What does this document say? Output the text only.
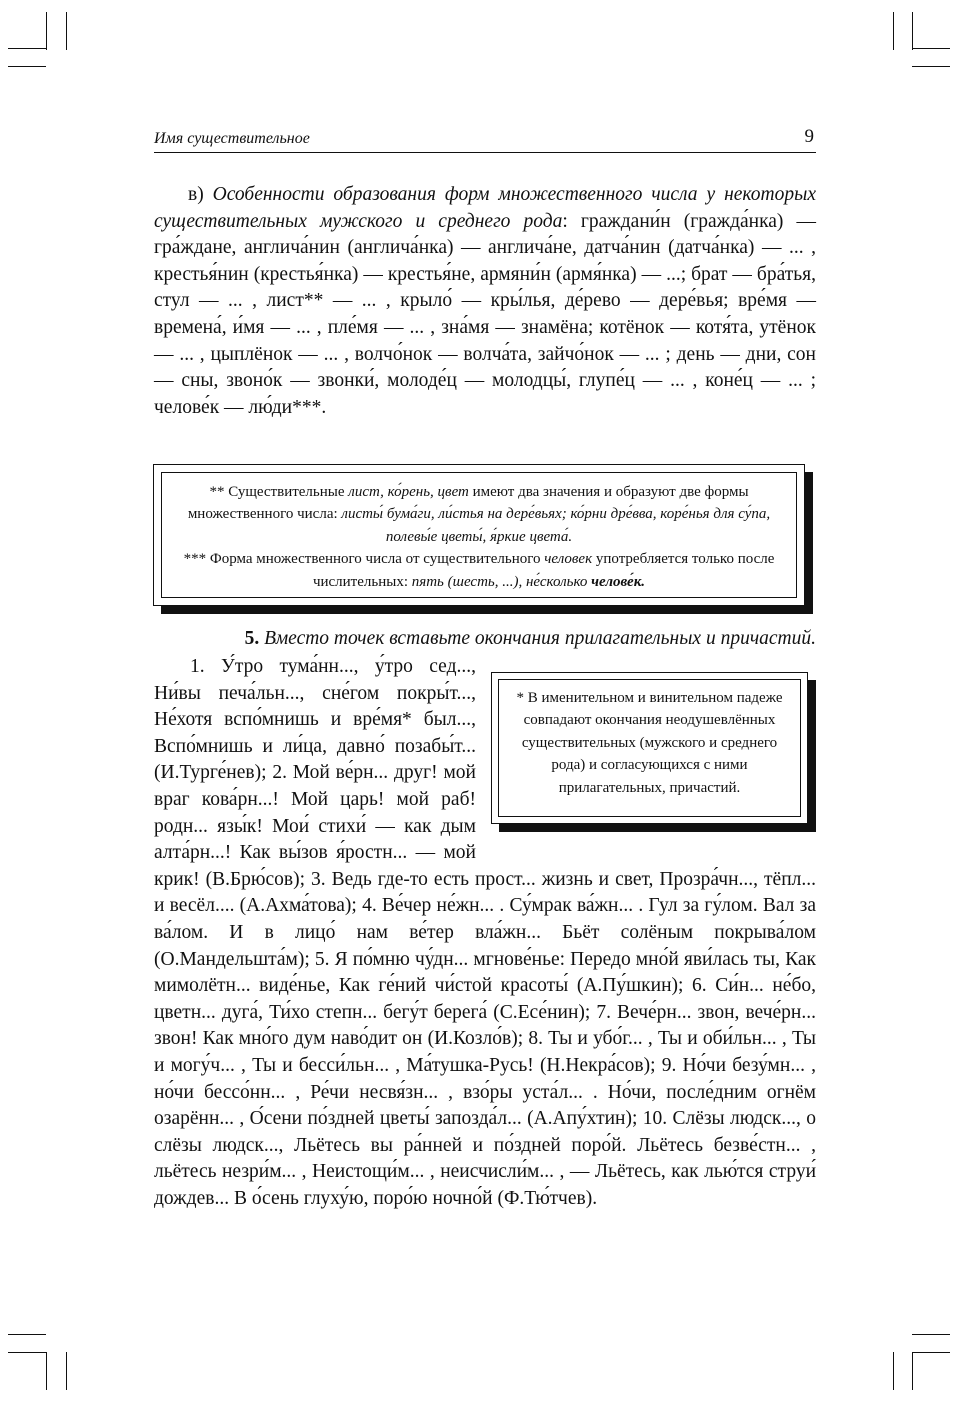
Имя существительное	9
в) Особенности образования форм множественного числа у некоторых существительных мужского и среднего рода: граждани́н (гражда́нка) — гра́ждане, англича́нин (англича́нка) — англича́не, датча́нин (датча́нка) — ... , крестья́нин (крестья́нка) — крестья́не, армяни́н (армя́нка) — ...; брат — бра́тья, стул — ... , лист** — ... , крыло́ — кры́лья, де́рево — дере́вья; вре́мя — времена́, и́мя — ... , пле́мя — ... , зна́мя — знамёна; котёнок — котя́та, утёнок — ... , цыплёнок — ... , волчо́нок — волча́та, зайчо́нок — ... ; день — дни, сон — сны, звоно́к — звонки́, молоде́ц — молодцы́, глупе́ц — ... , коне́ц — ... ; челове́к — лю́ди***.
** Существительные лист, ко́рень, цвет имеют два значения и образуют две формы множественного числа: листы́ бума́ги, ли́стья на дере́вьях; ко́рни дре́вва, коре́нья для су́па, полевы́е цветы́, я́ркие цвета́.
*** Форма множественного числа от существительного человек употребляется только после числительных: пять (шесть, ...), не́сколько челове́к.
5. Вместо точек вставьте окончания прилагательных и причастий.
1. У́тро тума́нн..., у́тро сед..., Ни́вы печа́льн..., сне́гом покры́т..., Не́хотя вспо́мнишь и вре́мя* был..., Вспо́мнишь и ли́ца, давно́ позабы́т... (И.Турге́нев); 2. Мой ве́рн... друг! мой враг кова́рн...! Мой царь! мой раб! родн... язы́к! Мои́ стихи́ — как дым алта́рн...! Как вы́зов я́ростн... — мой крик! (В.Брю́сов); 3. Ведь где-то есть прост... жизнь и свет, Прозра́чн..., тёпл... и весёл.... (А.Ахма́това); 4. Ве́чер не́жн... . Су́мрак ва́жн... . Гул за гу́лом. Вал за ва́лом. И в лицо́ нам ве́тер вла́жн... Бьёт солёным покрыва́лом (О.Мандельшта́м); 5. Я по́мню чу́дн... мгнове́нье: Передо мно́й яви́лась ты, Как мимолётн... виде́нье, Как ге́ний чи́стой красоты́ (А.Пу́шкин); 6. Си́н... не́бо, цветн... дуга́, Ти́хо степн... бегу́т берега́ (С.Есе́нин); 7. Вече́рн... звон, вече́рн... звон! Как мно́го дум наво́дит он (И.Козло́в); 8. Ты и убо́г... , Ты и оби́льн... , Ты и могу́ч... , Ты и бесси́льн... , Ма́тушка-Русь! (Н.Некра́сов); 9. Но́чи безу́мн... , но́чи бессо́нн... , Ре́чи несвя́зн... , взо́ры уста́л... . Но́чи, после́дним огнём озарённ... , О́сени по́здней цветы́ запозда́л... (А.Апу́хтин); 10. Слёзы людск..., о слёзы людск..., Льётесь вы ра́нней и по́здней поро́й. Льётесь безве́стн... , льётесь незри́м... , Неистощи́м... , неисчисли́м... , — Льётесь, как лью́тся струи́ дождев... В о́сень глуху́ю, поро́ю ночно́й (Ф.Тю́тчев).
* В именительном и винительном падеже совпадают окончания неодушевлённых существительных (мужского и среднего рода) и согласующихся с ними прилагательных, причастий.
